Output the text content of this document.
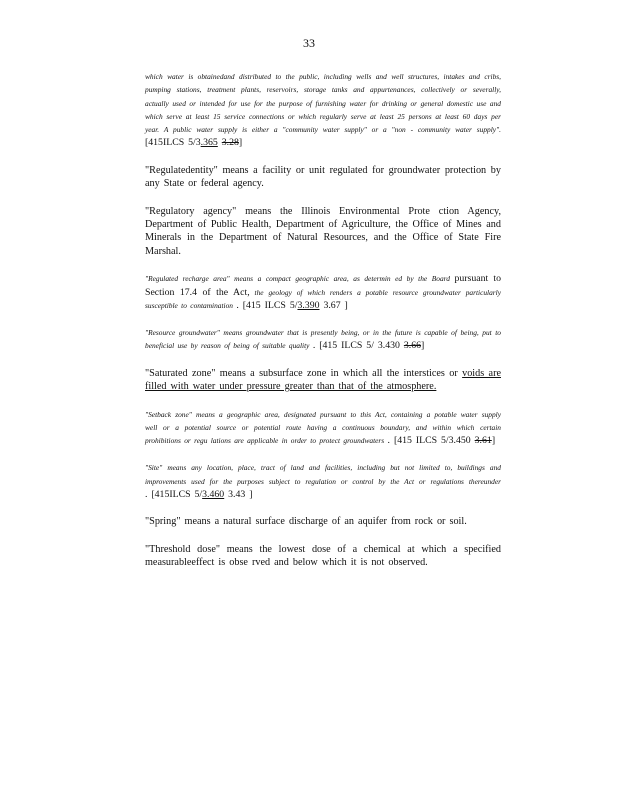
33

which water is obtainedand distributed to the public, including wells and well structures, intakes and cribs, pumping stations, treatment plants, reservoirs, storage tanks and appurtenances, collectively or severally, actually used or intended for use for the purpose of furnishing water for drinking or general domestic use and which serve at least 15 service connections or which regularly serve at least 25 persons at least 60 days per year. A public water supply is either a "community water supply" or a "non - community water supply". [415ILCS 5/3.365 3.28]

"Regulatedentity" means a facility or unit regulated for groundwater protection by any State or federal agency.

"Regulatory agency" means the Illinois Environmental Prote ction Agency, Department of Public Health, Department of Agriculture, the Office of Mines and Minerals in the Department of Natural Resources, and the Office of State Fire Marshal.

"Regulated recharge area" means a compact geographic area, as determin ed by the Board pursuant to Section 17.4 of the Act, the geology of which renders a potable resource groundwater particularly susceptible to contamination . [415 ILCS 5/3.390 3.67 ]

"Resource groundwater" means groundwater that is presently being, or in the future is capable of being, put to beneficial use by reason of being of suitable quality . [415 ILCS 5/ 3.430 3.66]

"Saturated zone" means a subsurface zone in which all the interstices or voids are filled with water under pressure greater than that of the atmosphere.

"Setback zone" means a geographic area, designated pursuant to this Act, containing a potable water supply well or a potential source or potential route having a continuous boundary, and within which certain prohibitions or regu lations are applicable in order to protect groundwaters . [415 ILCS 5/3.450 3.61]

"Site" means any location, place, tract of land and facilities, including but not limited to, buildings and improvements used for the purposes subject to regulation or control by the Act or regulations thereunder . [415ILCS 5/3.460 3.43 ]

"Spring" means a natural surface discharge of an aquifer from rock or soil.

"Threshold dose" means the lowest dose of a chemical at which a specified measurableeffect is obse rved and below which it is not observed.
